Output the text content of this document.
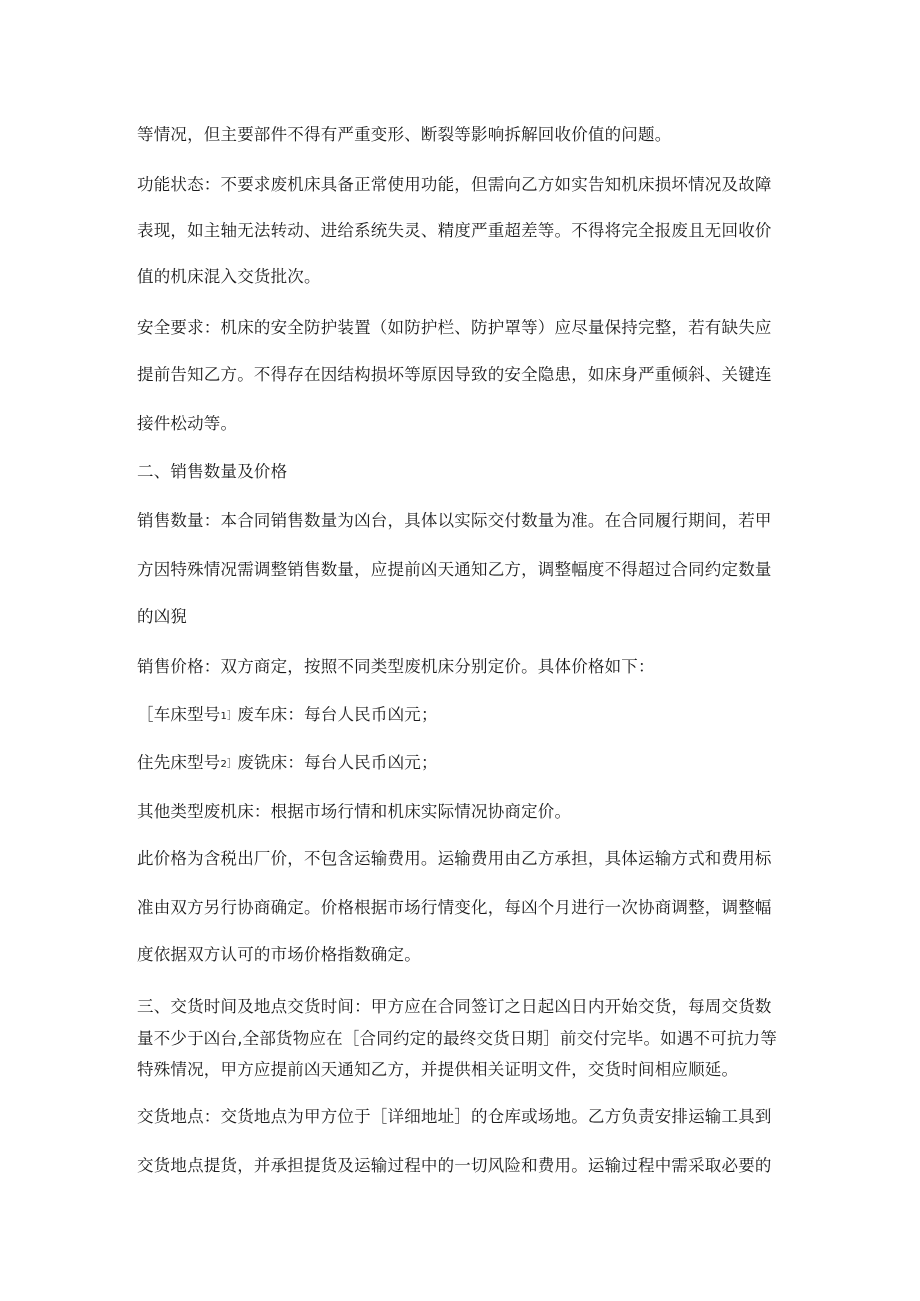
等情况，但主要部件不得有严重变形、断裂等影响拆解回收价值的问题。
功能状态：不要求废机床具备正常使用功能，但需向乙方如实告知机床损坏情况及故障
表现，如主轴无法转动、进给系统失灵、精度严重超差等。不得将完全报废且无回收价
值的机床混入交货批次。
安全要求：机床的安全防护装置（如防护栏、防护罩等）应尽量保持完整，若有缺失应
提前告知乙方。不得存在因结构损坏等原因导致的安全隐患，如床身严重倾斜、关键连
接件松动等。
二、销售数量及价格
销售数量：本合同销售数量为凶台，具体以实际交付数量为准。在合同履行期间，若甲
方因特殊情况需调整销售数量，应提前凶天通知乙方，调整幅度不得超过合同约定数量
的凶猊
销售价格：双方商定，按照不同类型废机床分别定价。具体价格如下：
［车床型号1］废车床：每台人民币凶元；
住先床型号2］废铣床：每台人民币凶元；
其他类型废机床：根据市场行情和机床实际情况协商定价。
此价格为含税出厂价，不包含运输费用。运输费用由乙方承担，具体运输方式和费用标
准由双方另行协商确定。价格根据市场行情变化，每凶个月进行一次协商调整，调整幅
度依据双方认可的市场价格指数确定。
三、交货时间及地点交货时间：甲方应在合同签订之日起凶日内开始交货，每周交货数
量不少于凶台,全部货物应在［合同约定的最终交货日期］前交付完毕。如遇不可抗力等
特殊情况，甲方应提前凶天通知乙方，并提供相关证明文件，交货时间相应顺延。
交货地点：交货地点为甲方位于［详细地址］的仓库或场地。乙方负责安排运输工具到
交货地点提货，并承担提货及运输过程中的一切风险和费用。运输过程中需采取必要的
